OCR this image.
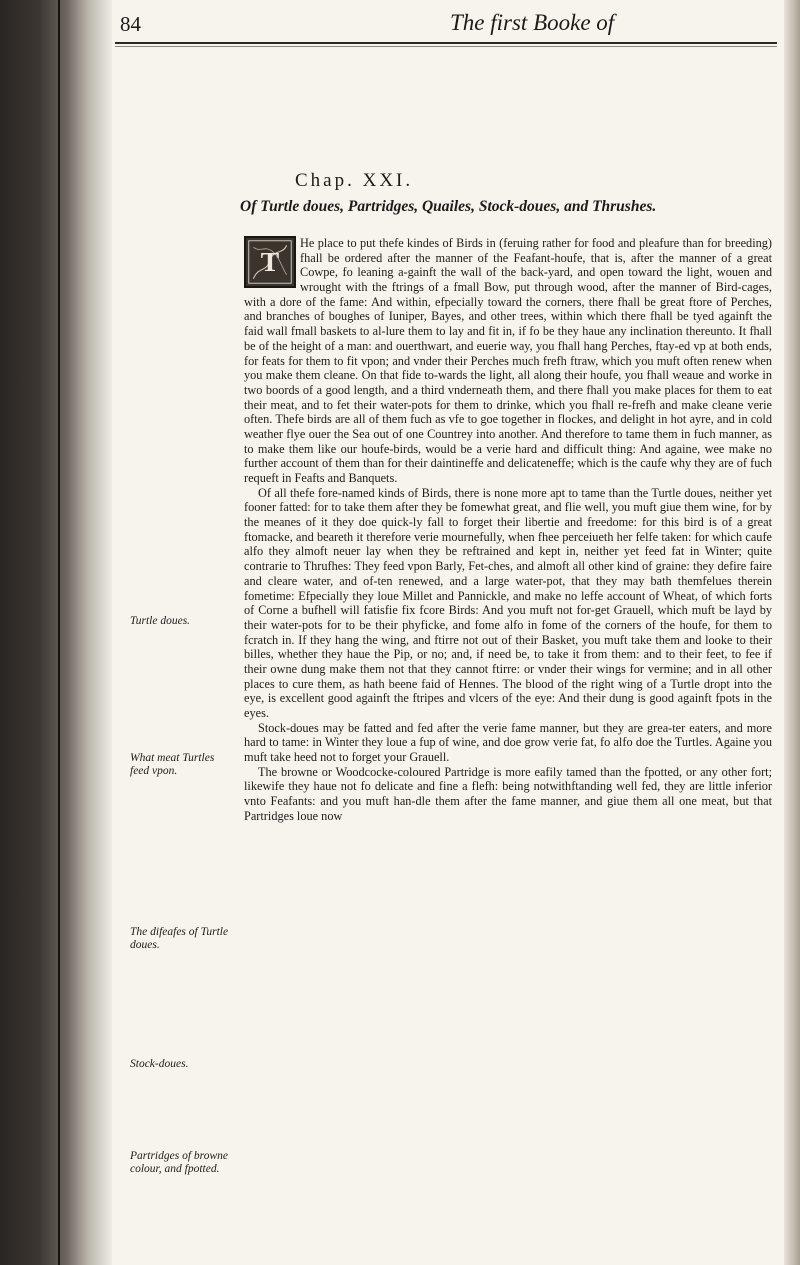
84	The first Booke of
Chap. XXI.
Of Turtle doues, Partridges, Quailes, Stock-doues, and Thrushes.

He place to put thefe kindes of Birds in (feruing rather for food and pleafure than for breeding) fhall be ordered after the manner of the Feafant-houfe, that is, after the manner of a great Cowpe, fo leaning a-gainft the wall of the back-yard, and open toward the light, wouen and wrought with the ftrings of a fmall Bow, put through wood, after the manner of Bird-cages, with a dore of the fame: And within, efpecially toward the corners, there fhall be great ftore of Perches, and branches of boughes of Iuniper, Bayes, and other trees, within which there fhall be tyed againft the faid wall fmall baskets to al-lure them to lay and fit in, if fo be they haue any inclination thereunto. It fhall be of the height of a man: and ouerthwart, and euerie way, you fhall hang Perches, ftay-ed vp at both ends, for feats for them to fit vpon; and vnder their Perches much frefh ftraw, which you muft often renew when you make them cleane. On that fide to-wards the light, all along their houfe, you fhall weaue and worke in two boords of a good length, and a third vnderneath them, and there fhall you make places for them to eat their meat, and to fet their water-pots for them to drinke, which you fhall re-frefh and make cleane verie often. Thefe birds are all of them fuch as vfe to goe together in flockes, and delight in hot ayre, and in cold weather flye ouer the Sea out of one Countrey into another. And therefore to tame them in fuch manner, as to make them like our houfe-birds, would be a verie hard and difficult thing: And againe, wee make no further account of them than for their daintineffe and delicateneffe; which is the caufe why they are of fuch requeft in Feafts and Banquets.

Of all thefe fore-named kinds of Birds, there is none more apt to tame than the Turtle doues, neither yet fooner fatted: for to take them after they be fomewhat great, and flie well, you muft giue them wine, for by the meanes of it they doe quick-ly fall to forget their libertie and freedome: for this bird is of a great ftomacke, and beareth it therefore verie mournefully, when fhee perceiueth her felfe taken: for which caufe alfo they almoft neuer lay when they be reftrained and kept in, neither yet feed fat in Winter; quite contrarie to Thrufhes: They feed vpon Barly, Fet-ches, and almoft all other kind of graine: they defire faire and cleare water, and of-ten renewed, and a large water-pot, that they may bath themfelues therein fometime: Efpecially they loue Millet and Pannickle, and make no leffe account of Wheat, of which forts of Corne a bufhell will fatisfie fix fcore Birds: And you muft not for-get Grauell, which muft be layd by their water-pots for to be their phyficke, and fome alfo in fome of the corners of the houfe, for them to fcratch in. If they hang the wing, and ftirre not out of their Basket, you muft take them and looke to their billes, whether they haue the Pip, or no; and, if need be, to take it from them: and to their feet, to fee if their owne dung make them not that they cannot ftirre: or vnder their wings for vermine; and in all other places to cure them, as hath beene faid of Hennes. The blood of the right wing of a Turtle dropt into the eye, is excellent good againft the ftripes and vlcers of the eye: And their dung is good againft fpots in the eyes.

Stock-doues may be fatted and fed after the verie fame manner, but they are grea-ter eaters, and more hard to tame: in Winter they loue a fup of wine, and doe grow verie fat, fo alfo doe the Turtles. Againe you muft take heed not to forget your Grauell.

The browne or Woodcocke-coloured Partridge is more eafily tamed than the fpotted, or any other fort; likewife they haue not fo delicate and fine a flefh: being notwithftanding well fed, they are little inferior vnto Feafants: and you muft han-dle them after the fame manner, and giue them all one meat, but that Partridges loue now

T
Turtle doues.
What meat Turtles feed vpon.
The difeafes of Turtle doues.
Stock-doues.
Partridges of browne colour, and fpotted.
